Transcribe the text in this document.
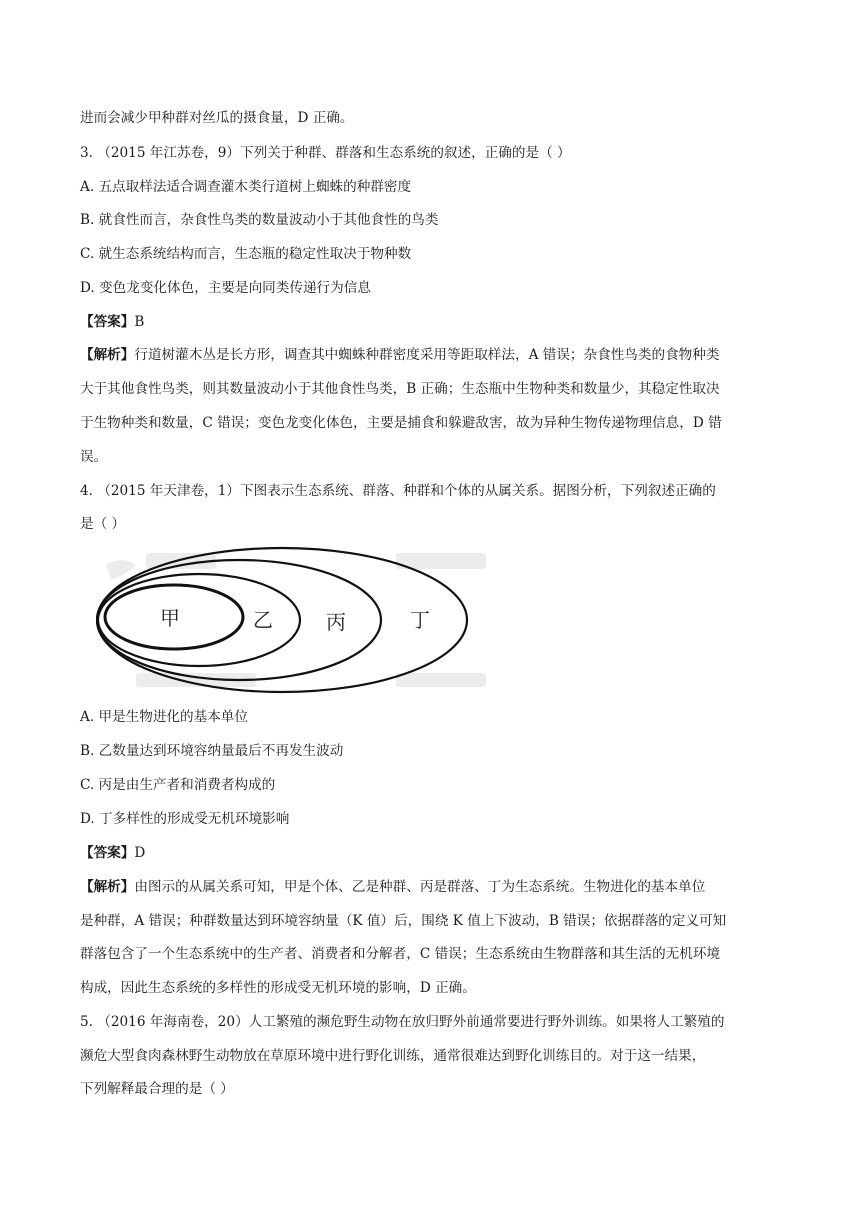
进而会减少甲种群对丝瓜的摄食量，D 正确。
3. （2015 年江苏卷，9）下列关于种群、群落和生态系统的叙述，正确的是（ ）
A. 五点取样法适合调查灌木类行道树上蜘蛛的种群密度
B. 就食性而言，杂食性鸟类的数量波动小于其他食性的鸟类
C. 就生态系统结构而言，生态瓶的稳定性取决于物种数
D. 变色龙变化体色，主要是向同类传递行为信息
【答案】B
【解析】行道树灌木丛是长方形，调查其中蜘蛛种群密度采用等距取样法，A 错误；杂食性鸟类的食物种类
大于其他食性鸟类，则其数量波动小于其他食性鸟类，B 正确；生态瓶中生物种类和数量少，其稳定性取决
于生物种类和数量，C 错误；变色龙变化体色，主要是捕食和躲避敌害，故为异种生物传递物理信息，D 错
误。
4. （2015 年天津卷，1）下图表示生态系统、群落、种群和个体的从属关系。据图分析，下列叙述正确的
是（ ）
甲	乙	丙	丁
A. 甲是生物进化的基本单位
B. 乙数量达到环境容纳量最后不再发生波动
C. 丙是由生产者和消费者构成的
D. 丁多样性的形成受无机环境影响
【答案】D
【解析】由图示的从属关系可知，甲是个体、乙是种群、丙是群落、丁为生态系统。生物进化的基本单位
是种群，A 错误；种群数量达到环境容纳量（K 值）后，围绕 K 值上下波动，B 错误；依据群落的定义可知
群落包含了一个生态系统中的生产者、消费者和分解者，C 错误；生态系统由生物群落和其生活的无机环境
构成，因此生态系统的多样性的形成受无机环境的影响，D 正确。
5. （2016 年海南卷，20）人工繁殖的濒危野生动物在放归野外前通常要进行野外训练。如果将人工繁殖的
濒危大型食肉森林野生动物放在草原环境中进行野化训练，通常很难达到野化训练目的。对于这一结果，
下列解释最合理的是（ ）
